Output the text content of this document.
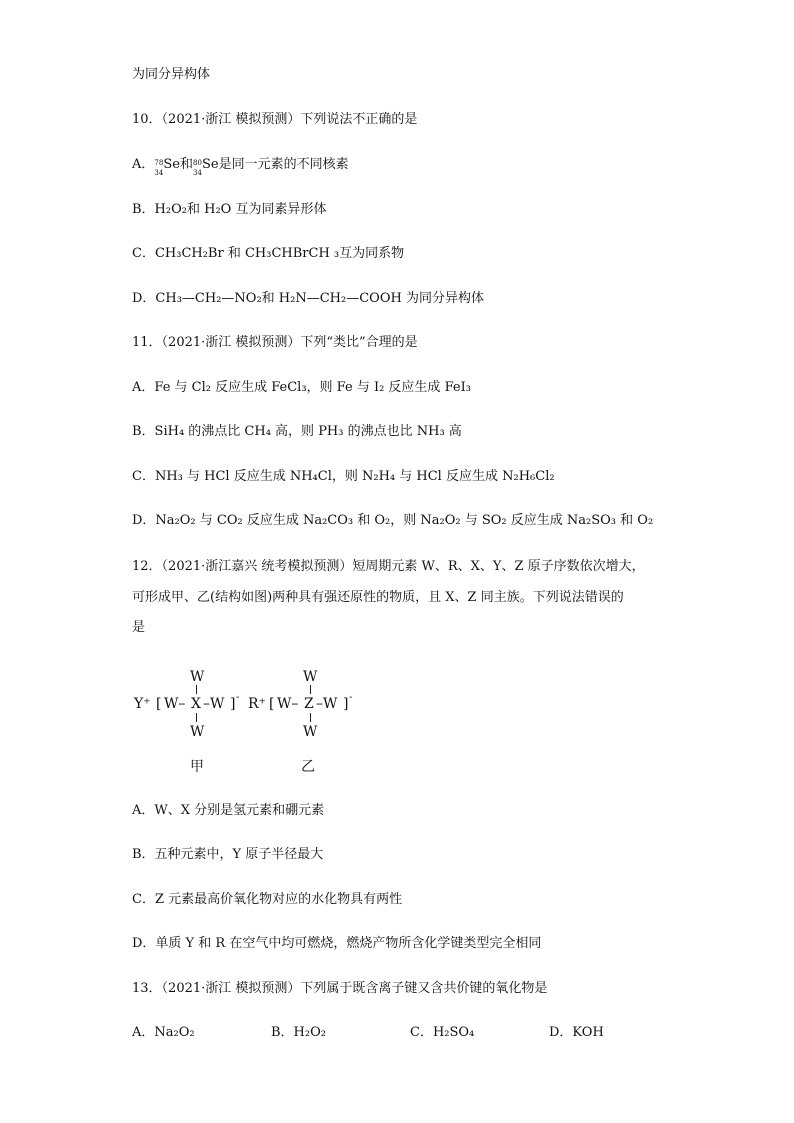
为同分异构体
10．（2021·浙江 模拟预测）下列说法不正确的是
A． 78
34
Se和 80
34
Se是同一元素的不同核素
B．H₂O₂和 H₂O 互为同素异形体
C．CH₃CH₂Br 和 CH₃CHBrCH ₃互为同系物
D．CH₃—CH₂—NO₂和 H₂N—CH₂—COOH 为同分异构体
11．（2021·浙江 模拟预测）下列“类比”合理的是
A．Fe 与 Cl₂ 反应生成 FeCl₃，则 Fe 与 I₂ 反应生成 FeI₃
B．SiH₄ 的沸点比 CH₄ 高，则 PH₃ 的沸点也比 NH₃ 高
C．NH₃ 与 HCl 反应生成 NH₄Cl，则 N₂H₄ 与 HCl 反应生成 N₂H₆Cl₂
D．Na₂O₂ 与 CO₂ 反应生成 Na₂CO₃ 和 O₂，则 Na₂O₂ 与 SO₂ 反应生成 Na₂SO₃ 和 O₂
12．（2021·浙江嘉兴 统考模拟预测）短周期元素 W、R、X、Y、Z 原子序数依次增大，
可形成甲、乙(结构如图)两种具有强还原性的物质，且 X、Z 同主族。下列说法错误的
是
W
Y⁺ [ W– X –W ] -
W
甲
W
R⁺ [ W– Z –W ] -
W
乙
A．W、X 分别是氢元素和硼元素
B．五种元素中，Y 原子半径最大
C．Z 元素最高价氧化物对应的水化物具有两性
D．单质 Y 和 R 在空气中均可燃烧，燃烧产物所含化学键类型完全相同
13．（2021·浙江 模拟预测）下列属于既含离子键又含共价键的氧化物是
A．Na₂O₂	B．H₂O₂	C．H₂SO₄	D．KOH
